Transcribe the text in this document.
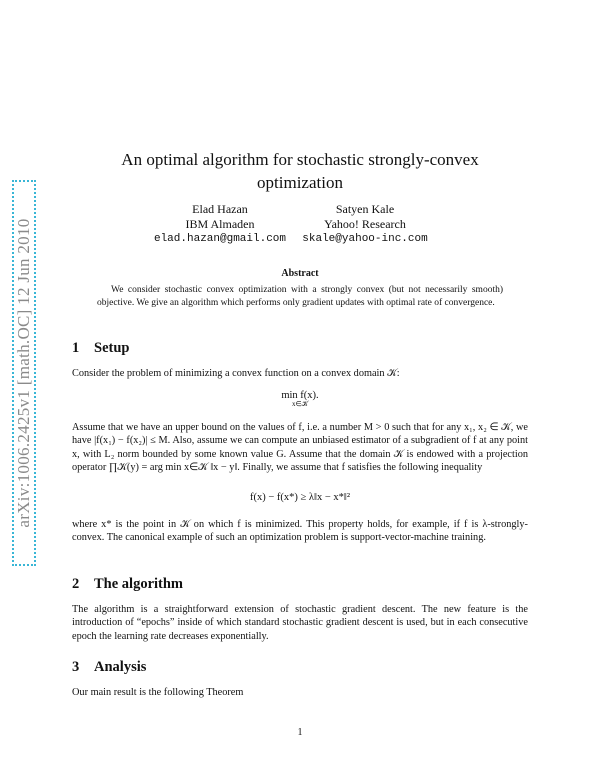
arXiv:1006.2425v1 [math.OC] 12 Jun 2010
An optimal algorithm for stochastic strongly-convex optimization
Elad Hazan
IBM Almaden
elad.hazan@gmail.com
Satyen Kale
Yahoo! Research
skale@yahoo-inc.com
Abstract
We consider stochastic convex optimization with a strongly convex (but not necessarily smooth) objective. We give an algorithm which performs only gradient updates with optimal rate of convergence.
1 Setup
Consider the problem of minimizing a convex function on a convex domain 𝒦:
min f(x).
x∈𝒦
Assume that we have an upper bound on the values of f, i.e. a number M > 0 such that for any x₁, x₂ ∈ 𝒦, we have |f(x₁) − f(x₂)| ≤ M. Also, assume we can compute an unbiased estimator of a subgradient of f at any point x, with L₂ norm bounded by some known value G. Assume that the domain 𝒦 is endowed with a projection operator ∏𝒦(y) = arg min x∈𝒦 ‖x − y‖. Finally, we assume that f satisfies the following inequality
f(x) − f(x*) ≥ λ‖x − x*‖²
where x* is the point in 𝒦 on which f is minimized. This property holds, for example, if f is λ-strongly-convex. The canonical example of such an optimization problem is support-vector-machine training.
2 The algorithm
The algorithm is a straightforward extension of stochastic gradient descent. The new feature is the introduction of “epochs” inside of which standard stochastic gradient descent is used, but in each consecutive epoch the learning rate decreases exponentially.
3 Analysis
Our main result is the following Theorem
1
